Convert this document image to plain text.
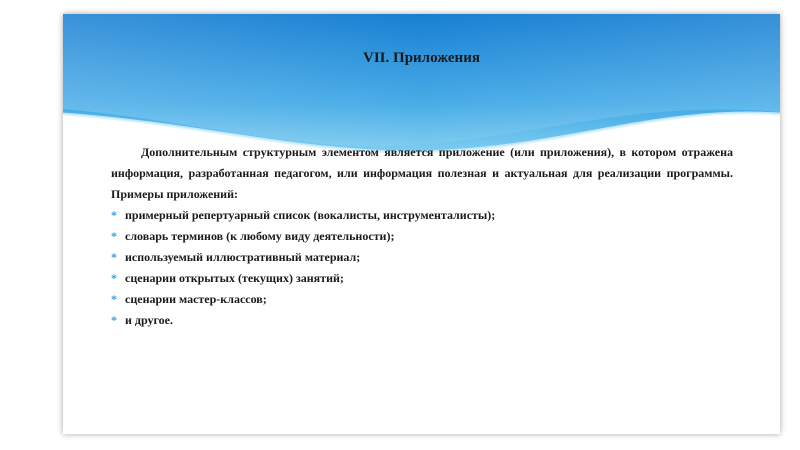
VII. Приложения

Дополнительным структурным элементом является приложение (или приложения), в котором отражена информация, разработанная педагогом, или информация полезная и актуальная для реализации программы. Примеры приложений:

* примерный репертуарный список (вокалисты, инструменталисты);
* словарь терминов (к любому виду деятельности);
* используемый иллюстративный материал;
* сценарии открытых (текущих) занятий;
* сценарии мастер-классов;
* и другое.
